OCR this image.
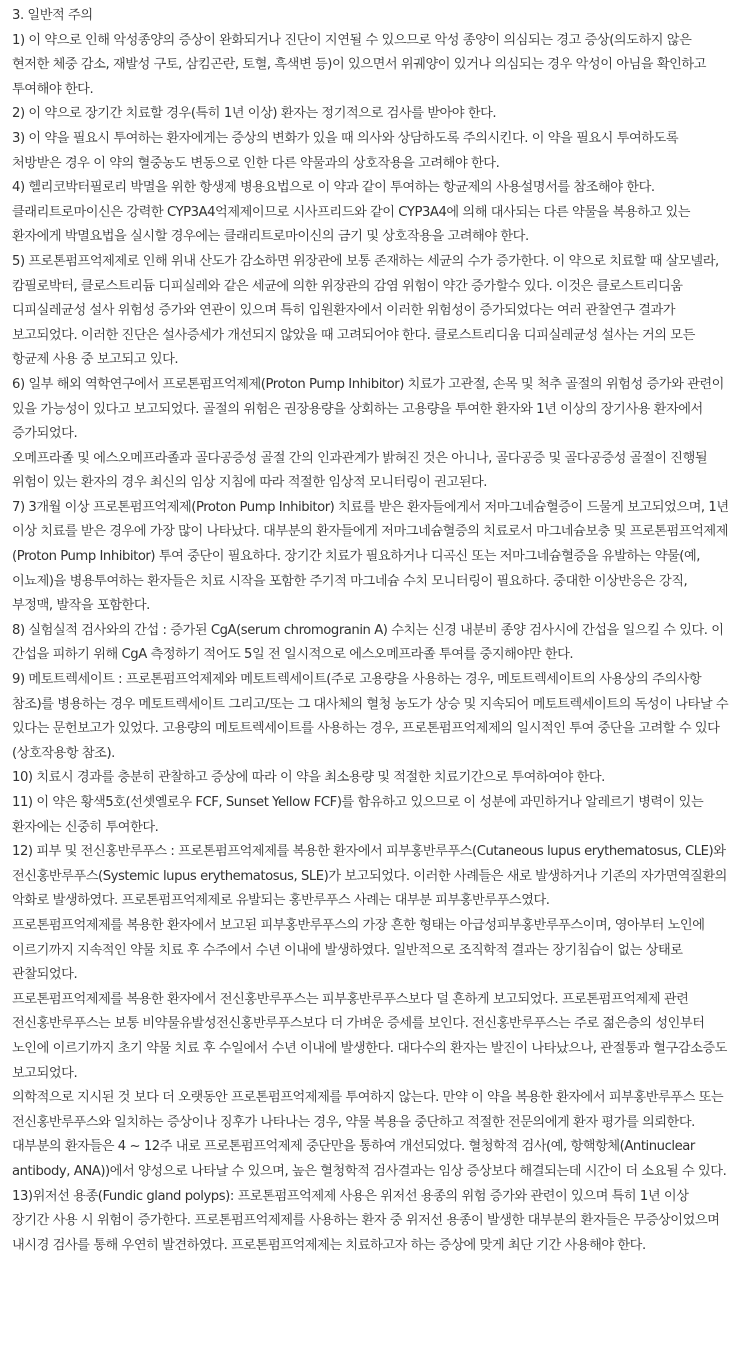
3. 일반적 주의

1) 이 약으로 인해 악성종양의 증상이 완화되거나 진단이 지연될 수 있으므로 악성 종양이 의심되는 경고 증상(의도하지 않은 현저한 체중 감소, 재발성 구토, 삼킴곤란, 토혈, 흑색변 등)이 있으면서 위궤양이 있거나 의심되는 경우 악성이 아님을 확인하고 투여해야 한다.

2) 이 약으로 장기간 치료할 경우(특히 1년 이상) 환자는 정기적으로 검사를 받아야 한다.

3) 이 약을 필요시 투여하는 환자에게는 증상의 변화가 있을 때 의사와 상담하도록 주의시킨다. 이 약을 필요시 투여하도록 처방받은 경우 이 약의 혈중농도 변동으로 인한 다른 약물과의 상호작용을 고려해야 한다.

4) 헬리코박터필로리 박멸을 위한 항생제 병용요법으로 이 약과 같이 투여하는 항균제의 사용설명서를 참조해야 한다. 클래리트로마이신은 강력한 CYP3A4억제제이므로 시사프리드와 같이 CYP3A4에 의해 대사되는 다른 약물을 복용하고 있는 환자에게 박멸요법을 실시할 경우에는 클래리트로마이신의 금기 및 상호작용을 고려해야 한다.

5) 프로톤펌프억제제로 인해 위내 산도가 감소하면 위장관에 보통 존재하는 세균의 수가 증가한다. 이 약으로 치료할 때 살모넬라, 캄필로박터, 클로스트리듐 디피실레와 같은 세균에 의한 위장관의 감염 위험이 약간 증가할수 있다. 이것은 클로스트리디움 디피실레균성 설사 위험성 증가와 연관이 있으며 특히 입원환자에서 이러한 위험성이 증가되었다는 여러 관찰연구 결과가 보고되었다. 이러한 진단은 설사증세가 개선되지 않았을 때 고려되어야 한다. 클로스트리디움 디피실레균성 설사는 거의 모든 항균제 사용 중 보고되고 있다.

6) 일부 해외 역학연구에서 프로톤펌프억제제(Proton Pump Inhibitor) 치료가 고관절, 손목 및 척추 골절의 위험성 증가와 관련이 있을 가능성이 있다고 보고되었다. 골절의 위험은 권장용량을 상회하는 고용량을 투여한 환자와 1년 이상의 장기사용 환자에서 증가되었다.

오메프라졸 및 에스오메프라졸과 골다공증성 골절 간의 인과관계가 밝혀진 것은 아니나, 골다공증 및 골다공증성 골절이 진행될 위험이 있는 환자의 경우 최신의 임상 지침에 따라 적절한 임상적 모니터링이 권고된다.

7) 3개월 이상 프로톤펌프억제제(Proton Pump Inhibitor) 치료를 받은 환자들에게서 저마그네슘혈증이 드물게 보고되었으며, 1년 이상 치료를 받은 경우에 가장 많이 나타났다. 대부분의 환자들에게 저마그네슘혈증의 치료로서 마그네슘보충 및 프로톤펌프억제제(Proton Pump Inhibitor) 투여 중단이 필요하다. 장기간 치료가 필요하거나 디곡신 또는 저마그네슘혈증을 유발하는 약물(예, 이뇨제)을 병용투여하는 환자들은 치료 시작을 포함한 주기적 마그네슘 수치 모니터링이 필요하다. 중대한 이상반응은 강직, 부정맥, 발작을 포함한다.

8) 실험실적 검사와의 간섭 : 증가된 CgA(serum chromogranin A) 수치는 신경 내분비 종양 검사시에 간섭을 일으킬 수 있다. 이 간섭을 피하기 위해 CgA 측정하기 적어도 5일 전 일시적으로 에스오메프라졸 투여를 중지해야만 한다.

9) 메토트렉세이트 : 프로톤펌프억제제와 메토트렉세이트(주로 고용량을 사용하는 경우, 메토트렉세이트의 사용상의 주의사항 참조)를 병용하는 경우 메토트렉세이트 그리고/또는 그 대사체의 혈청 농도가 상승 및 지속되어 메토트렉세이트의 독성이 나타날 수 있다는 문헌보고가 있었다. 고용량의 메토트렉세이트를 사용하는 경우, 프로톤펌프억제제의 일시적인 투여 중단을 고려할 수 있다(상호작용항 참조).

10) 치료시 경과를 충분히 관찰하고 증상에 따라 이 약을 최소용량 및 적절한 치료기간으로 투여하여야 한다.

11) 이 약은 황색5호(선셋옐로우 FCF, Sunset Yellow FCF)를 함유하고 있으므로 이 성분에 과민하거나 알레르기 병력이 있는 환자에는 신중히 투여한다.

12) 피부 및 전신홍반루푸스 : 프로톤펌프억제제를 복용한 환자에서 피부홍반루푸스(Cutaneous lupus erythematosus, CLE)와 전신홍반루푸스(Systemic lupus erythematosus, SLE)가 보고되었다. 이러한 사례들은 새로 발생하거나 기존의 자가면역질환의 악화로 발생하였다. 프로톤펌프억제제로 유발되는 홍반루푸스 사례는 대부분 피부홍반루푸스였다.

프로톤펌프억제제를 복용한 환자에서 보고된 피부홍반루푸스의 가장 흔한 형태는 아급성피부홍반루푸스이며, 영아부터 노인에 이르기까지 지속적인 약물 치료 후 수주에서 수년 이내에 발생하였다. 일반적으로 조직학적 결과는 장기침습이 없는 상태로 관찰되었다.

프로톤펌프억제제를 복용한 환자에서 전신홍반루푸스는 피부홍반루푸스보다 덜 흔하게 보고되었다. 프로톤펌프억제제 관련 전신홍반루푸스는 보통 비약물유발성전신홍반루푸스보다 더 가벼운 증세를 보인다. 전신홍반루푸스는 주로 젊은층의 성인부터 노인에 이르기까지 초기 약물 치료 후 수일에서 수년 이내에 발생한다. 대다수의 환자는 발진이 나타났으나, 관절통과 혈구감소증도 보고되었다.

의학적으로 지시된 것 보다 더 오랫동안 프로톤펌프억제제를 투여하지 않는다. 만약 이 약을 복용한 환자에서 피부홍반루푸스 또는 전신홍반루푸스와 일치하는 증상이나 징후가 나타나는 경우, 약물 복용을 중단하고 적절한 전문의에게 환자 평가를 의뢰한다. 대부분의 환자들은 4 ~ 12주 내로 프로톤펌프억제제 중단만을 통하여 개선되었다. 혈청학적 검사(예, 항핵항체(Antinuclear antibody, ANA))에서 양성으로 나타날 수 있으며, 높은 혈청학적 검사결과는 임상 증상보다 해결되는데 시간이 더 소요될 수 있다.

13)위저선 용종(Fundic gland polyps): 프로톤펌프억제제 사용은 위저선 용종의 위험 증가와 관련이 있으며 특히 1년 이상 장기간 사용 시 위험이 증가한다. 프로톤펌프억제제를 사용하는 환자 중 위저선 용종이 발생한 대부분의 환자들은 무증상이었으며 내시경 검사를 통해 우연히 발견하였다. 프로톤펌프억제제는 치료하고자 하는 증상에 맞게 최단 기간 사용해야 한다.
